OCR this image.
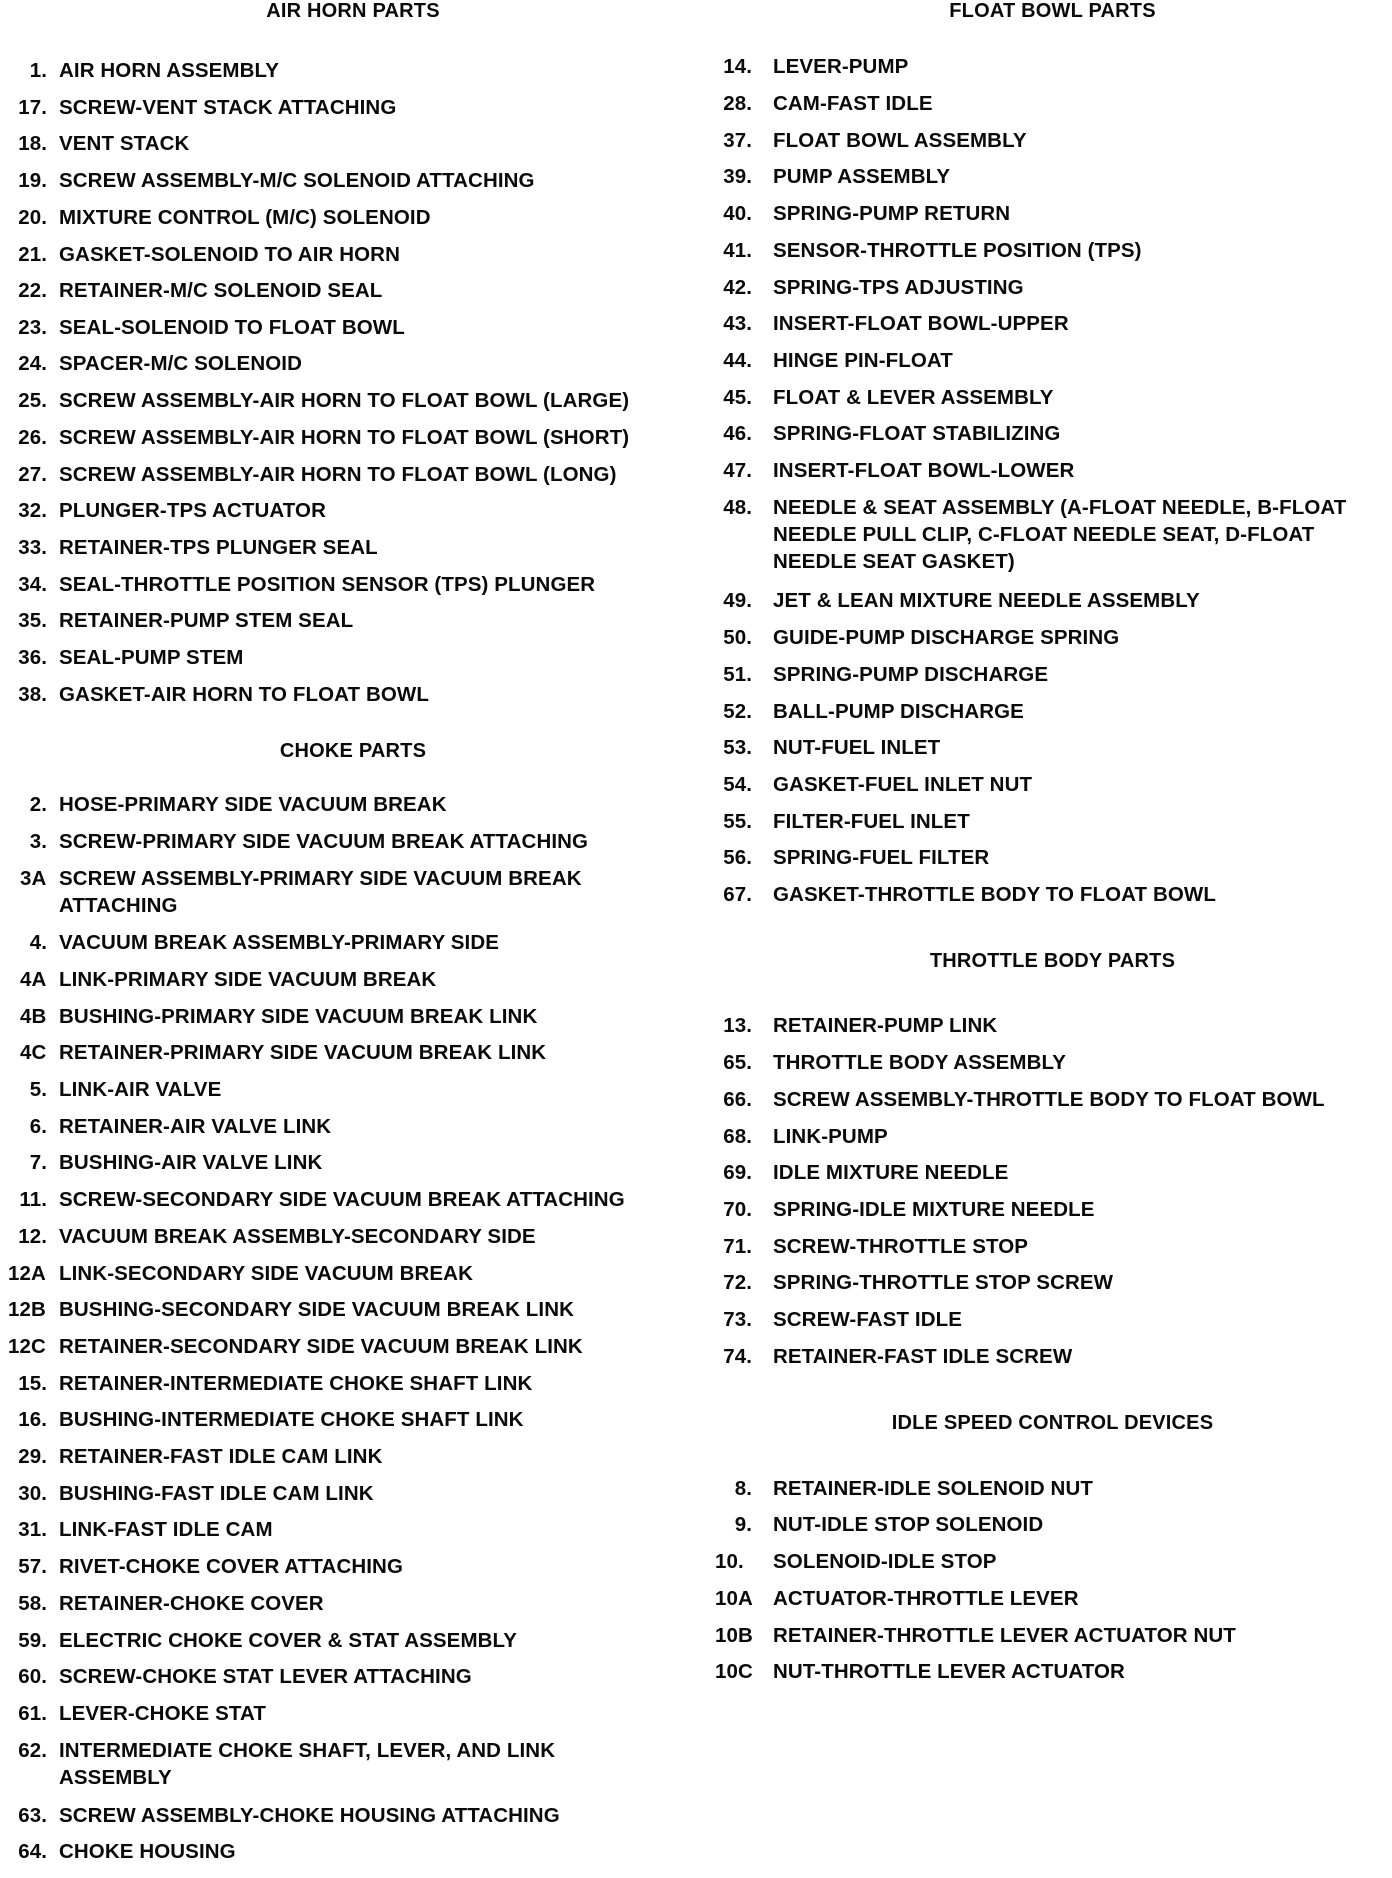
AIR HORN PARTS
1. AIR HORN ASSEMBLY
17. SCREW-VENT STACK ATTACHING
18. VENT STACK
19. SCREW ASSEMBLY-M/C SOLENOID ATTACHING
20. MIXTURE CONTROL (M/C) SOLENOID
21. GASKET-SOLENOID TO AIR HORN
22. RETAINER-M/C SOLENOID SEAL
23. SEAL-SOLENOID TO FLOAT BOWL
24. SPACER-M/C SOLENOID
25. SCREW ASSEMBLY-AIR HORN TO FLOAT BOWL (LARGE)
26. SCREW ASSEMBLY-AIR HORN TO FLOAT BOWL (SHORT)
27. SCREW ASSEMBLY-AIR HORN TO FLOAT BOWL (LONG)
32. PLUNGER-TPS ACTUATOR
33. RETAINER-TPS PLUNGER SEAL
34. SEAL-THROTTLE POSITION SENSOR (TPS) PLUNGER
35. RETAINER-PUMP STEM SEAL
36. SEAL-PUMP STEM
38. GASKET-AIR HORN TO FLOAT BOWL
CHOKE PARTS
2. HOSE-PRIMARY SIDE VACUUM BREAK
3. SCREW-PRIMARY SIDE VACUUM BREAK ATTACHING
3A SCREW ASSEMBLY-PRIMARY SIDE VACUUM BREAK
ATTACHING
4. VACUUM BREAK ASSEMBLY-PRIMARY SIDE
4A LINK-PRIMARY SIDE VACUUM BREAK
4B BUSHING-PRIMARY SIDE VACUUM BREAK LINK
4C RETAINER-PRIMARY SIDE VACUUM BREAK LINK
5. LINK-AIR VALVE
6. RETAINER-AIR VALVE LINK
7. BUSHING-AIR VALVE LINK
11. SCREW-SECONDARY SIDE VACUUM BREAK ATTACHING
12. VACUUM BREAK ASSEMBLY-SECONDARY SIDE
12A LINK-SECONDARY SIDE VACUUM BREAK
12B BUSHING-SECONDARY SIDE VACUUM BREAK LINK
12C RETAINER-SECONDARY SIDE VACUUM BREAK LINK
15. RETAINER-INTERMEDIATE CHOKE SHAFT LINK
16. BUSHING-INTERMEDIATE CHOKE SHAFT LINK
29. RETAINER-FAST IDLE CAM LINK
30. BUSHING-FAST IDLE CAM LINK
31. LINK-FAST IDLE CAM
57. RIVET-CHOKE COVER ATTACHING
58. RETAINER-CHOKE COVER
59. ELECTRIC CHOKE COVER & STAT ASSEMBLY
60. SCREW-CHOKE STAT LEVER ATTACHING
61. LEVER-CHOKE STAT
62. INTERMEDIATE CHOKE SHAFT, LEVER, AND LINK
ASSEMBLY
63. SCREW ASSEMBLY-CHOKE HOUSING ATTACHING
64. CHOKE HOUSING
FLOAT BOWL PARTS
14. LEVER-PUMP
28. CAM-FAST IDLE
37. FLOAT BOWL ASSEMBLY
39. PUMP ASSEMBLY
40. SPRING-PUMP RETURN
41. SENSOR-THROTTLE POSITION (TPS)
42. SPRING-TPS ADJUSTING
43. INSERT-FLOAT BOWL-UPPER
44. HINGE PIN-FLOAT
45. FLOAT & LEVER ASSEMBLY
46. SPRING-FLOAT STABILIZING
47. INSERT-FLOAT BOWL-LOWER
48. NEEDLE & SEAT ASSEMBLY (A-FLOAT NEEDLE, B-FLOAT
NEEDLE PULL CLIP, C-FLOAT NEEDLE SEAT, D-FLOAT
NEEDLE SEAT GASKET)
49. JET & LEAN MIXTURE NEEDLE ASSEMBLY
50. GUIDE-PUMP DISCHARGE SPRING
51. SPRING-PUMP DISCHARGE
52. BALL-PUMP DISCHARGE
53. NUT-FUEL INLET
54. GASKET-FUEL INLET NUT
55. FILTER-FUEL INLET
56. SPRING-FUEL FILTER
67. GASKET-THROTTLE BODY TO FLOAT BOWL
THROTTLE BODY PARTS
13. RETAINER-PUMP LINK
65. THROTTLE BODY ASSEMBLY
66. SCREW ASSEMBLY-THROTTLE BODY TO FLOAT BOWL
68. LINK-PUMP
69. IDLE MIXTURE NEEDLE
70. SPRING-IDLE MIXTURE NEEDLE
71. SCREW-THROTTLE STOP
72. SPRING-THROTTLE STOP SCREW
73. SCREW-FAST IDLE
74. RETAINER-FAST IDLE SCREW
IDLE SPEED CONTROL DEVICES
8. RETAINER-IDLE SOLENOID NUT
9. NUT-IDLE STOP SOLENOID
10. SOLENOID-IDLE STOP
10A ACTUATOR-THROTTLE LEVER
10B RETAINER-THROTTLE LEVER ACTUATOR NUT
10C NUT-THROTTLE LEVER ACTUATOR
